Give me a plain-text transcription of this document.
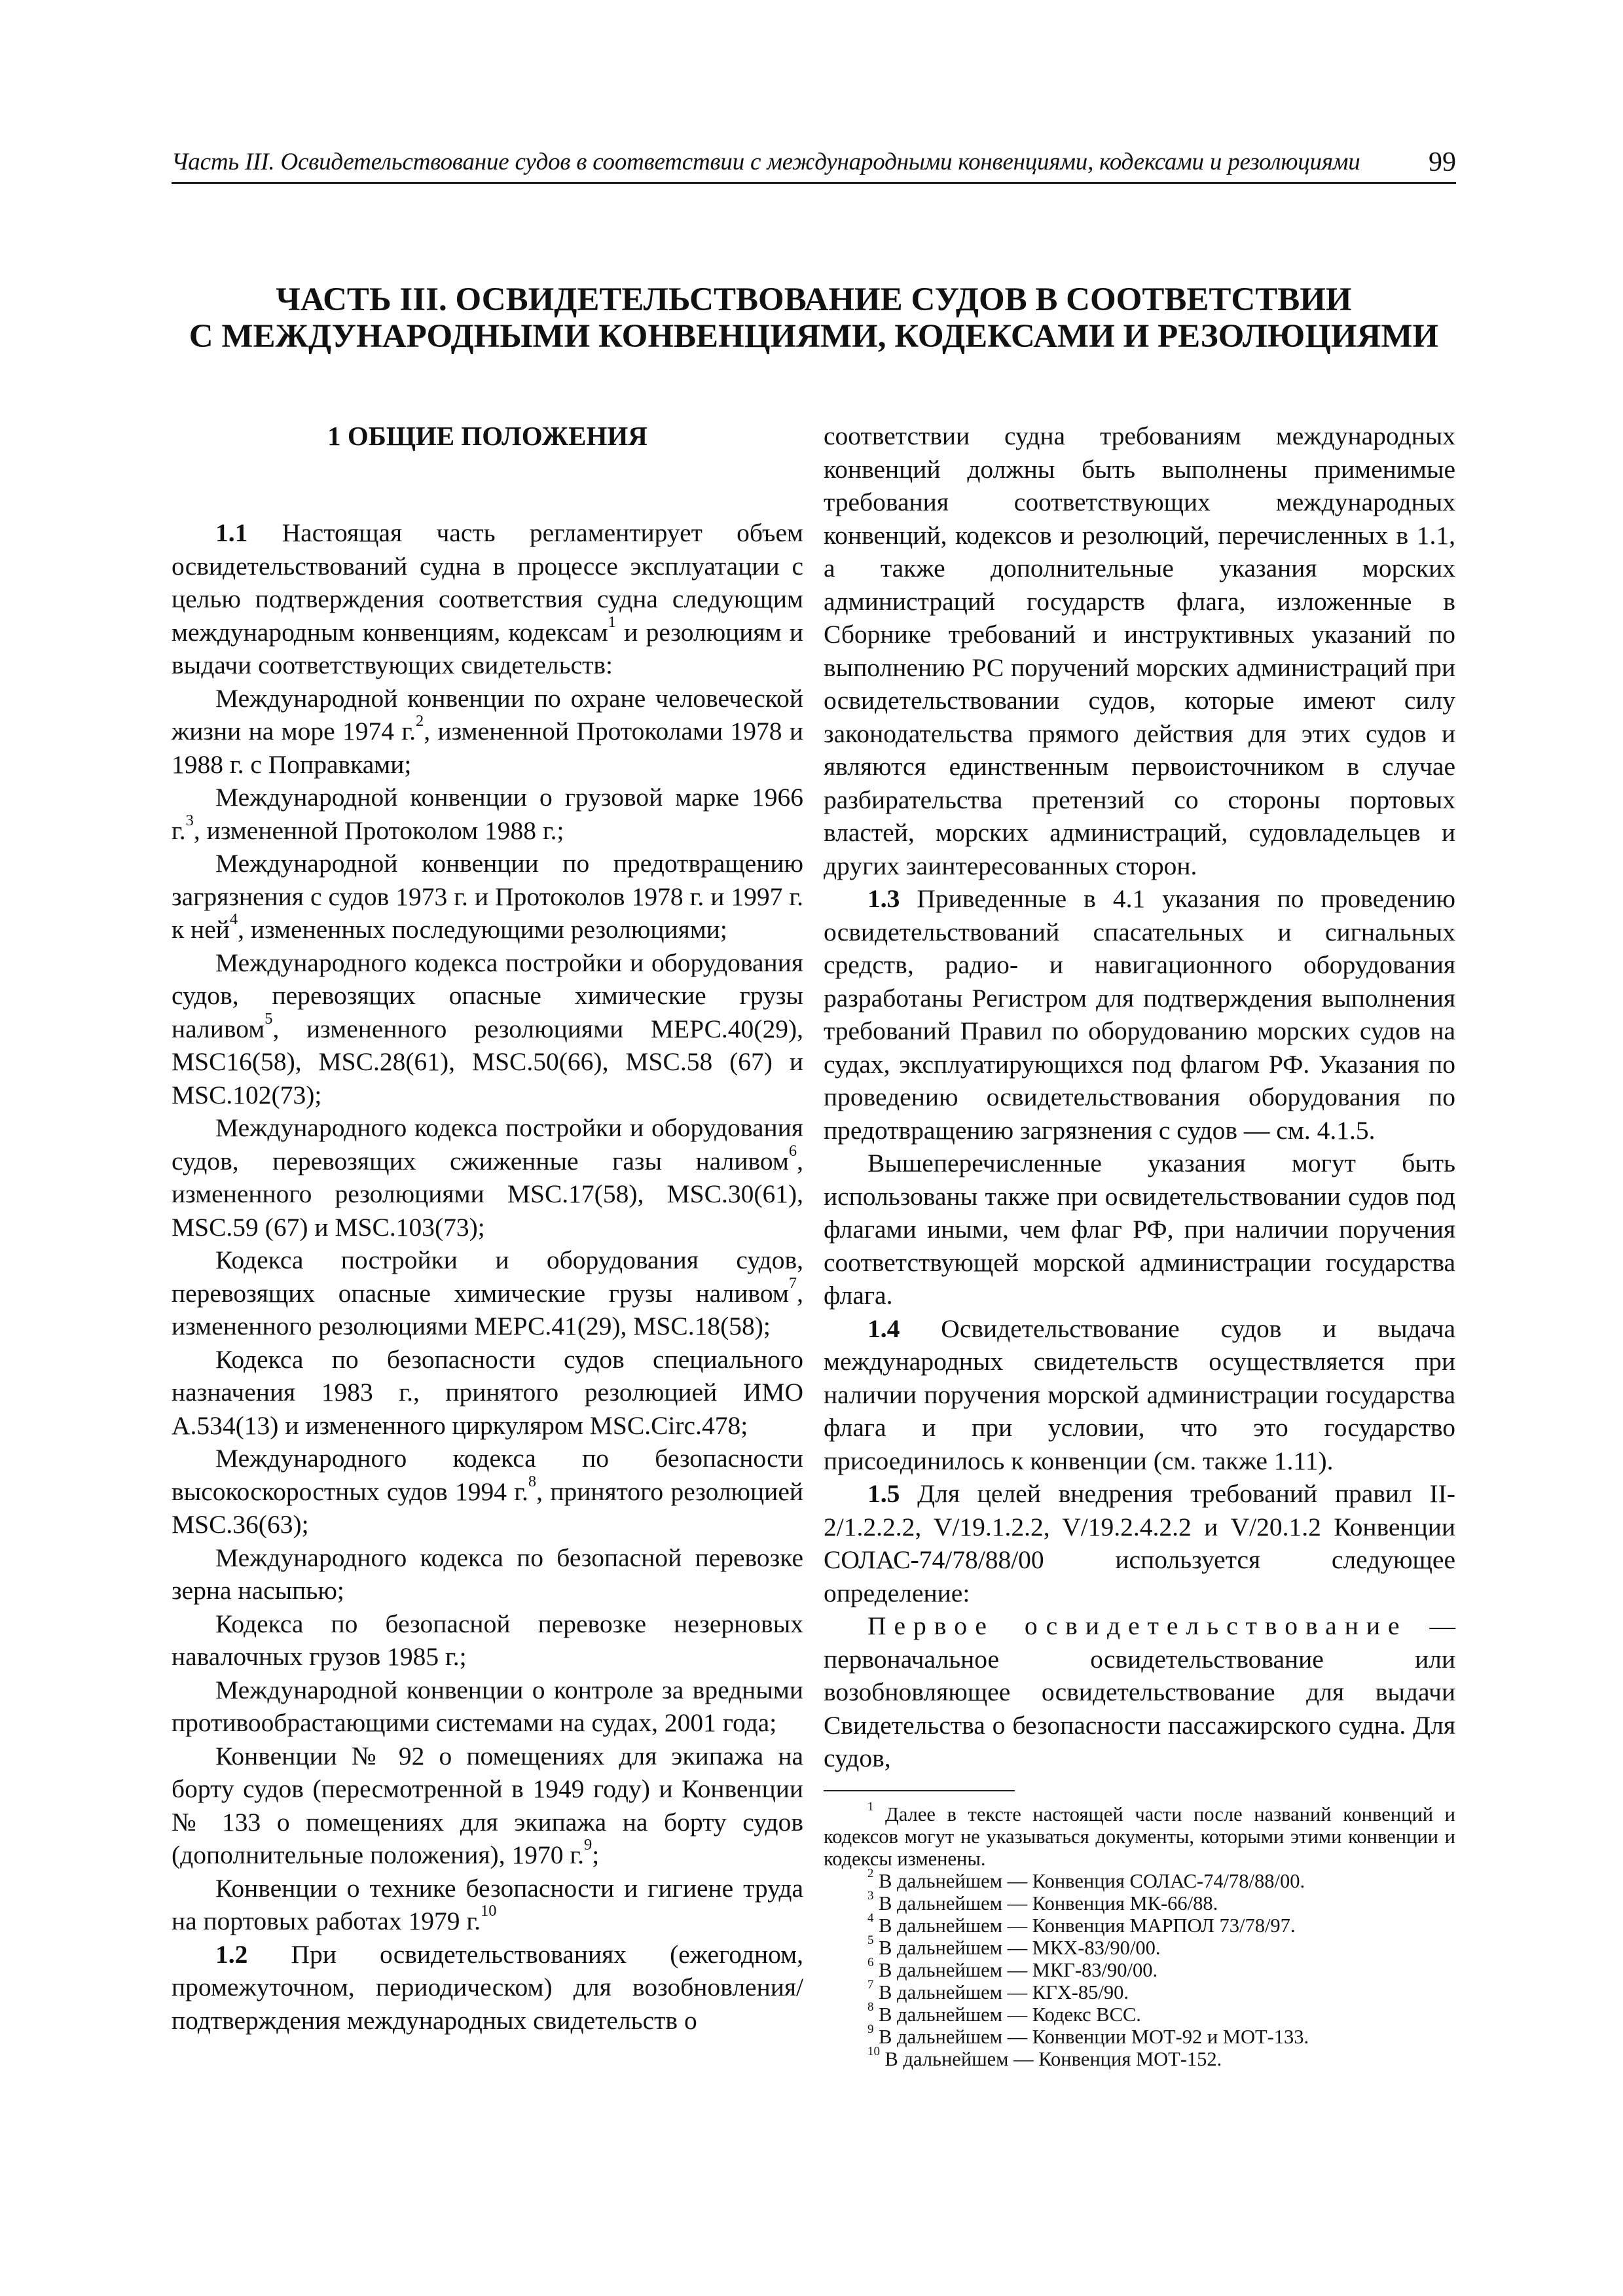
Часть III. Освидетельствование судов в соответствии с международными конвенциями, кодексами и резолюциями 99
ЧАСТЬ III. ОСВИДЕТЕЛЬСТВОВАНИЕ СУДОВ В СООТВЕТСТВИИ
С МЕЖДУНАРОДНЫМИ КОНВЕНЦИЯМИ, КОДЕКСАМИ И РЕЗОЛЮЦИЯМИ
1 ОБЩИЕ ПОЛОЖЕНИЯ

1.1 Настоящая часть регламентирует объем освидетельствований судна в процессе эксплуатации с целью подтверждения соответствия судна следующим международным конвенциям, кодексам$^1$ и резолюциям и выдачи соответствующих свидетельств:

Международной конвенции по охране человеческой жизни на море 1974 г.$^2$, измененной Протоколами 1978 и 1988 г. с Поправками;

Международной конвенции о грузовой марке 1966 г.$^3$, измененной Протоколом 1988 г.;

Международной конвенции по предотвращению загрязнения с судов 1973 г. и Протоколов 1978 г. и 1997 г. к ней$^4$, измененных последующими резолюциями;

Международного кодекса постройки и оборудования судов, перевозящих опасные химические грузы наливом$^5$, измененного резолюциями МЕРС.40(29), MSC16(58), MSC.28(61), MSC.50(66), MSC.58 (67) и MSC.102(73);

Международного кодекса постройки и оборудования судов, перевозящих сжиженные газы наливом$^6$, измененного резолюциями MSC.17(58), MSC.30(61), MSC.59 (67) и MSC.103(73);

Кодекса постройки и оборудования судов, перевозящих опасные химические грузы наливом$^7$, измененного резолюциями МЕРС.41(29), MSC.18(58);

Кодекса по безопасности судов специального назначения 1983 г., принятого резолюцией ИМО А.534(13) и измененного циркуляром MSC.Circ.478;

Международного кодекса по безопасности высокоскоростных судов 1994 г.$^8$, принятого резолюцией MSC.36(63);

Международного кодекса по безопасной перевозке зерна насыпью;

Кодекса по безопасной перевозке незерновых навалочных грузов 1985 г.;

Международной конвенции о контроле за вредными противообрастающими системами на судах, 2001 года;

Конвенции № 92 о помещениях для экипажа на борту судов (пересмотренной в 1949 году) и Конвенции № 133 о помещениях для экипажа на борту судов (дополнительные положения), 1970 г.$^9$;

Конвенции о технике безопасности и гигиене труда на портовых работах 1979 г.$^{10}$

1.2 При освидетельствованиях (ежегодном, промежуточном, периодическом) для возобновления/подтверждения международных свидетельств о

соответствии судна требованиям международных конвенций должны быть выполнены применимые требования соответствующих международных конвенций, кодексов и резолюций, перечисленных в 1.1, а также дополнительные указания морских администраций государств флага, изложенные в Сборнике требований и инструктивных указаний по выполнению РС поручений морских администраций при освидетельствовании судов, которые имеют силу законодательства прямого действия для этих судов и являются единственным первоисточником в случае разбирательства претензий со стороны портовых властей, морских администраций, судовладельцев и других заинтересованных сторон.

1.3 Приведенные в 4.1 указания по проведению освидетельствований спасательных и сигнальных средств, радио- и навигационного оборудования разработаны Регистром для подтверждения выполнения требований Правил по оборудованию морских судов на судах, эксплуатирующихся под флагом РФ. Указания по проведению освидетельствования оборудования по предотвращению загрязнения с судов — см. 4.1.5.

Вышеперечисленные указания могут быть использованы также при освидетельствовании судов под флагами иными, чем флаг РФ, при наличии поручения соответствующей морской администрации государства флага.

1.4 Освидетельствование судов и выдача международных свидетельств осуществляется при наличии поручения морской администрации государства флага и при условии, что это государство присоединилось к конвенции (см. также 1.11).

1.5 Для целей внедрения требований правил II-2/1.2.2.2, V/19.1.2.2, V/19.2.4.2.2 и V/20.1.2 Конвенции СОЛАС-74/78/88/00 используется следующее определение:

Первое освидетельствование — первоначальное освидетельствование или возобновляющее освидетельствование для выдачи Свидетельства о безопасности пассажирского судна. Для судов,

$^1$ Далее в тексте настоящей части после названий конвенций и кодексов могут не указываться документы, которыми этими конвенции и кодексы изменены.

$^2$ В дальнейшем — Конвенция СОЛАС-74/78/88/00.

$^3$ В дальнейшем — Конвенция МК-66/88.

$^4$ В дальнейшем — Конвенция МАРПОЛ 73/78/97.

$^5$ В дальнейшем — МКХ-83/90/00.

$^6$ В дальнейшем — МКГ-83/90/00.

$^7$ В дальнейшем — КГХ-85/90.

$^8$ В дальнейшем — Кодекс ВСС.

$^9$ В дальнейшем — Конвенции МОТ-92 и МОТ-133.

$^{10}$ В дальнейшем — Конвенция МОТ-152.
